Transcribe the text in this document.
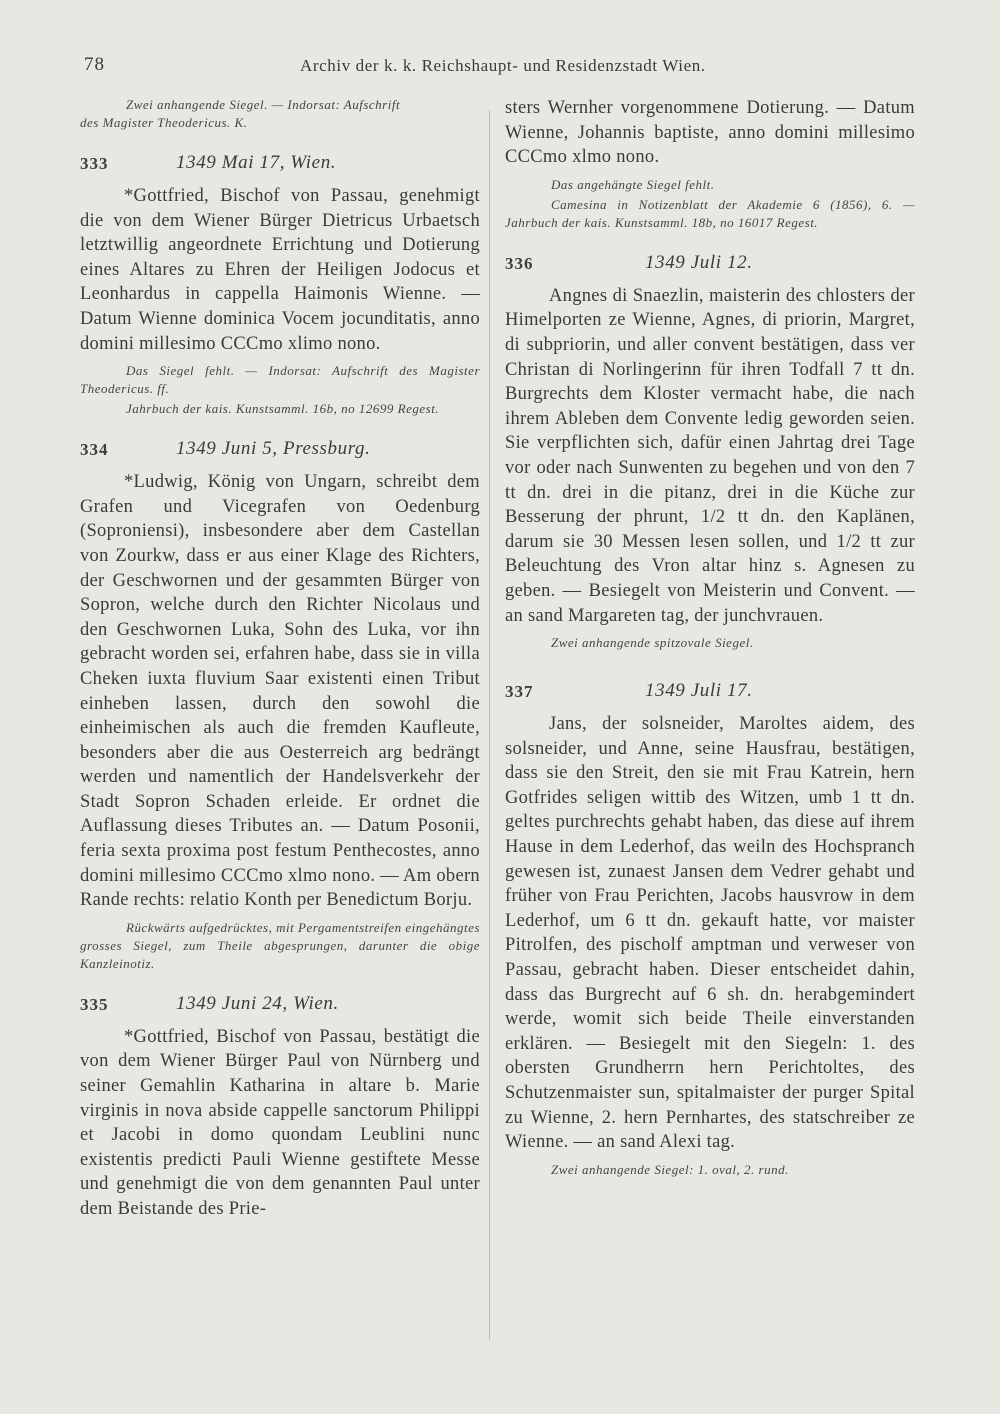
78	Archiv der k. k. Reichshaupt- und Residenzstadt Wien.

Zwei anhangende Siegel. — Indorsat: Aufschrift

des Magister Theodericus. K.

333	1349 Mai 17, Wien.

*Gottfried, Bischof von Passau, genehmigt die von dem Wiener Bürger Dietricus Urbaetsch letztwillig angeordnete Errichtung und Dotierung eines Altares zu Ehren der Heiligen Jodocus et Leonhardus in cappella Haimonis Wienne. — Datum Wienne dominica Vocem jocunditatis, anno domini millesimo CCCmo xlimo nono.

Das Siegel fehlt. — Indorsat: Aufschrift des Magister Theodericus. ff.

Jahrbuch der kais. Kunstsamml. 16b, no 12699 Regest.

334	1349 Juni 5, Pressburg.

*Ludwig, König von Ungarn, schreibt dem Grafen und Vicegrafen von Oedenburg (Soproniensi), insbesondere aber dem Castellan von Zourkw, dass er aus einer Klage des Richters, der Geschwornen und der gesammten Bürger von Sopron, welche durch den Richter Nicolaus und den Geschwornen Luka, Sohn des Luka, vor ihn gebracht worden sei, erfahren habe, dass sie in villa Cheken iuxta fluvium Saar existenti einen Tribut einheben lassen, durch den sowohl die einheimischen als auch die fremden Kaufleute, besonders aber die aus Oesterreich arg bedrängt werden und namentlich der Handelsverkehr der Stadt Sopron Schaden erleide. Er ordnet die Auflassung dieses Tributes an. — Datum Posonii, feria sexta proxima post festum Penthecostes, anno domini millesimo CCCmo xlmo nono. — Am obern Rande rechts: relatio Konth per Benedictum Borju.

Rückwärts aufgedrücktes, mit Pergamentstreifen eingehängtes grosses Siegel, zum Theile abgesprungen, darunter die obige Kanzleinotiz.

335	1349 Juni 24, Wien.

*Gottfried, Bischof von Passau, bestätigt die von dem Wiener Bürger Paul von Nürnberg und seiner Gemahlin Katharina in altare b. Marie virginis in nova abside cappelle sanctorum Philippi et Jacobi in domo quondam Leublini nunc existentis predicti Pauli Wienne gestiftete Messe und genehmigt die von dem genannten Paul unter dem Beistande des Prie-

sters Wernher vorgenommene Dotierung. — Datum Wienne, Johannis baptiste, anno domini millesimo CCCmo xlmo nono.

Das angehängte Siegel fehlt.

Camesina in Notizenblatt der Akademie 6 (1856), 6. — Jahrbuch der kais. Kunstsamml. 18b, no 16017 Regest.

336	1349 Juli 12.

Angnes di Snaezlin, maisterin des chlosters der Himelporten ze Wienne, Agnes, di priorin, Margret, di subpriorin, und aller convent bestätigen, dass ver Christan di Norlingerinn für ihren Todfall 7 tt dn. Burgrechts dem Kloster vermacht habe, die nach ihrem Ableben dem Convente ledig geworden seien. Sie verpflichten sich, dafür einen Jahrtag drei Tage vor oder nach Sunwenten zu begehen und von den 7 tt dn. drei in die pitanz, drei in die Küche zur Besserung der phrunt, 1/2 tt dn. den Kaplänen, darum sie 30 Messen lesen sollen, und 1/2 tt zur Beleuchtung des Vron altar hinz s. Agnesen zu geben. — Besiegelt von Meisterin und Convent. — an sand Margareten tag, der junchvrauen.

Zwei anhangende spitzovale Siegel.

337	1349 Juli 17.

Jans, der solsneider, Maroltes aidem, des solsneider, und Anne, seine Hausfrau, bestätigen, dass sie den Streit, den sie mit Frau Katrein, hern Gotfrides seligen wittib des Witzen, umb 1 tt dn. geltes purchrechts gehabt haben, das diese auf ihrem Hause in dem Lederhof, das weiln des Hochspranch gewesen ist, zunaest Jansen dem Vedrer gehabt und früher von Frau Perichten, Jacobs hausvrow in dem Lederhof, um 6 tt dn. gekauft hatte, vor maister Pitrolfen, des pischolf amptman und verweser von Passau, gebracht haben. Dieser entscheidet dahin, dass das Burgrecht auf 6 sh. dn. herabgemindert werde, womit sich beide Theile einverstanden erklären. — Besiegelt mit den Siegeln: 1. des obersten Grundherrn hern Perichtoltes, des Schutzenmaister sun, spitalmaister der purger Spital zu Wienne, 2. hern Pernhartes, des statschreiber ze Wienne. — an sand Alexi tag.

Zwei anhangende Siegel: 1. oval, 2. rund.
